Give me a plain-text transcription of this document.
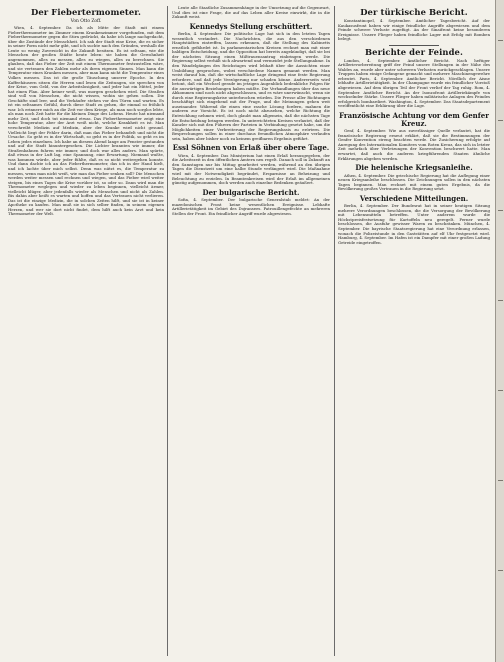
Der Fiebertermometer.
Von Otto Zoff.

Wien, 4. September. Da ich als Mitte der Stadt mit einem Fieberthermometer im Zimmer einem Krankenzimmer vorgefunden, mit dem Fieberthermometer gegen die Stirn gedrückt, da habe ich lange nachgedacht, über die Zustände der Menschheit. Ich sah der Stadt eine Krise, die es sicher in seiner Form nicht mehr gibt, und ich suchte nach den Gründen, weshalb die Leute so wenig Zuversicht in die Zukunft besitzen. Es ist seltsam, wie die Menschen der großen Städte heute leben: sie haben die Gewohnheit angenommen, alles zu messen, alles zu wiegen, alles zu berechnen. Sie glauben, daß das Fieber der Zeit mit einem Thermometer festzustellen wäre, und sie vertrauen den Zahlen mehr als ihren eigenen Sinnen. Man kann die Temperatur eines Kranken messen, aber man kann nicht die Temperatur eines Volkes messen. Das ist die große Täuschung unserer Epoche. In den Kaffeehäusern sitzen die Herren und lesen die Zeitungen, sie sprechen von der Krise, vom Geld, von der Arbeitslosigkeit, und jeder hat ein Mittel, jeder hat einen Plan. Aber keiner weiß, was morgen geschehen wird. Die Straßen sind voll von Menschen, die nicht wissen, wohin sie gehen sollen. Die Geschäfte sind leer, und die Verkäufer stehen vor den Türen und warten. Es ist ein seltsames Gefühl, durch diese Stadt zu gehen, die einmal so fröhlich war. Ich erinnere mich an die Zeit vor dem Kriege, als man noch sorglos lebte, als man noch Zeit hatte für die kleinen Dinge des Lebens. Heute hat niemand mehr Zeit, und doch tut niemand etwas. Das Fieberthermometer zeigt eine hohe Temperatur, aber der Arzt weiß nicht, welche Krankheit es ist. Man verschreibt Medizin auf Medizin, aber der Kranke wird nicht gesund. Vielleicht liegt der Fehler darin, daß man das Fieber behandelt und nicht die Ursache. So geht es in der Wirtschaft, so geht es in der Politik, so geht es im Leben jedes einzelnen. Ich habe an diesem Abend lange am Fenster gestanden und auf die Stadt hinuntergesehen. Die Lichter brannten wie immer, die Straßenbahnen fuhren wie immer, und doch war alles anders. Man spürte, daß etwas in der Luft lag, eine Spannung, eine Erwartung. Niemand wußte, was kommen würde, aber jeder fühlte, daß es so nicht weitergehen konnte. Und dann dachte ich an das Fieberthermometer, das ich in der Hand hielt, und ich lachte über mich selbst. Denn was nützt es, die Temperatur zu messen, wenn man nicht weiß, wie man das Fieber senken soll? Die Menschen werden weiter messen und rechnen und wiegen, und das Fieber wird weiter steigen, bis eines Tages die Krise vorüber ist, so oder so. Dann wird man die Thermometer weglegen und wieder zu leben beginnen, vielleicht ärmer, vielleicht klüger, aber jedenfalls wieder als Menschen und nicht als Zahlen. Bis dahin aber heißt es warten und hoffen und das Vertrauen nicht verlieren. Das ist die einzige Medizin, die in solchen Zeiten hilft, und sie ist in keiner Apotheke zu kaufen. Man muß sie in sich selber finden, in seinem eigenen Herzen, und wer sie dort nicht findet, dem hilft auch kein Arzt und kein Thermometer der Welt.

Leute alle Staatliche Zusammenhänge in der Umsetzung auf die Gegenwart, Und dies ist eine Frage, die auf das Leben aller Kreise einwirkt, die in die Zukunft weist.

Kennedys Stellung erschüttert.

Berlin, 4. September. Die politische Lage hat sich in den letzten Tagen wesentlich verändert. Die Nachrichten, die aus den verschiedenen Hauptstädten eintreffen, lassen erkennen, daß die Stellung des Kabinetts ernstlich gefährdet ist. In parlamentarischen Kreisen rechnet man mit einer baldigen Entscheidung, und die Opposition hat bereits angekündigt, daß sie bei der nächsten Sitzung einen Mißtrauensantrag einbringen werde. Die Regierung selbst verhält sich abwartend und vermeidet jede Stellungnahme. In den Wandelgängen des Reichstages wird lebhaft über die Aussichten einer Umbildung gesprochen, wobei verschiedene Namen genannt werden. Man weist darauf hin, daß die wirtschaftliche Lage dringend eine feste Regierung erfordere, und daß jede Verzögerung nur schaden könne. Andererseits wird betont, daß ein Wechsel gerade im jetzigen Augenblick bedenkliche Folgen für die auswärtigen Beziehungen haben müßte. Die Verhandlungen über das neue Abkommen sind noch nicht abgeschlossen, und es wäre unerwünscht, wenn sie durch eine Regierungskrise unterbrochen würden. Die Presse aller Richtungen beschäftigt sich eingehend mit der Frage, und die Meinungen gehen weit auseinander. Während die einen eine rasche Lösung fordern, mahnen die anderen zur Vorsicht. Es ist noch nicht abzusehen, welche Richtung die Entwicklung nehmen wird, doch glaubt man allgemein, daß die nächsten Tage die Entscheidung bringen werden. In unterrichteten Kreisen verlautet, daß der Kanzler sich mit den Führern der Parteien in Verbindung gesetzt habe, um die Möglichkeiten einer Verbreiterung der Regierungsbasis zu erörtern. Die Besprechungen sollen in einer durchaus freundlichen Atmosphäre verlaufen sein, haben aber bisher noch zu keinem greifbaren Ergebnis geführt.

Essl Söhnen von Erlaß über obere Tage.

Wien, 4. September. Das Ministerium hat einen Erlaß herausgegeben, der die Arbeitszeit in den öffentlichen Ämtern neu regelt. Danach soll in Zukunft an den Samstagen nur bis Mittag gearbeitet werden, während an den übrigen Tagen die Dienstzeit um eine halbe Stunde verlängert wird. Die Maßnahme wird mit der Notwendigkeit begründet, Ersparnisse an Beheizung und Beleuchtung zu erzielen. In Beamtenkreisen wird der Erlaß im allgemeinen günstig aufgenommen, doch werden auch einzelne Bedenken geäußert.

Der bulgarische Bericht.

Sofia, 4. September. Der bulgarische Generalstab meldet: An der mazedonischen Front keine wesentlichen Ereignisse. Lebhafte Artillerietätigkeit im Gebiet des Dojransees. Patrouillengefechte an mehreren Stellen der Front. Ein feindlicher Angriff wurde abgewiesen.

Der türkische Bericht.

Konstantinopel, 4. September. Amtlicher Tagesbericht. Auf der Kaukasusfront haben wir einige feindliche Angriffe abgewiesen und dem Feinde schwere Verluste zugefügt. An der Sinaifront keine besonderen Ereignisse. Unsere Flieger haben feindliche Lager mit Erfolg mit Bomben belegt.

Berichte der Feinde.

London, 4. September. Amtlicher Bericht. Nach heftiger Artillerievorbereitung griff der Feind unsere Stellungen in der Nähe des Waldes an, wurde aber unter schweren Verlusten zurückgeschlagen. Unsere Truppen haben einige Gefangene gemacht und mehrere Maschinengewehre erbeutet. Paris, 4. September. Amtlicher Bericht. Nördlich der Aisne lebhafte Artillerietätigkeit. In der Champagne wurde ein feindlicher Vorstoß abgewiesen. Auf dem übrigen Teil der Front verlief der Tag ruhig. Rom, 4. September. Amtlicher Bericht. An der Isonzofront Artilleriekämpfe von wechselnder Stärke. Unsere Flieger haben militärische Anlagen des Feindes erfolgreich bombardiert. Washington, 4. September. Das Staatsdepartement veröffentlicht eine Erklärung über die Lage.

Französische Achtung vor dem Genfer Kreuz.

Genf, 4. September. Wie aus zuverlässiger Quelle verlautet, hat die französische Regierung erneut erklärt, daß sie die Bestimmungen der Genfer Konvention streng beachten werde. Die Zusicherung erfolgte auf Anregung des Internationalen Komitees vom Roten Kreuz, das sich in letzter Zeit mehrfach über Verletzungen der Konvention beschwert hatte. Man erwartet, daß auch die anderen kriegführenden Staaten ähnliche Erklärungen abgeben werden.

Die helenische Kriegsanleihe.

Athen, 4. September. Die griechische Regierung hat die Auflegung einer neuen Kriegsanleihe beschlossen. Die Zeichnungen sollen in den nächsten Tagen beginnen. Man rechnet mit einem guten Ergebnis, da die Bevölkerung großes Vertrauen in die Regierung setzt.

Verschiedene Mitteilungen.

Berlin, 4. September. Der Bundesrat hat in seiner heutigen Sitzung mehrere Verordnungen beschlossen, die die Versorgung der Bevölkerung mit Lebensmitteln betreffen. Unter anderem wurde die Höchstpreisfestsetzung für Kartoffeln neu geregelt. Ferner wurde beschlossen, die Ausfuhr gewisser Waren zu beschränken. München, 4. September. Die bayrische Staatsregierung hat eine Verordnung erlassen, wonach die Polizeistunde in den Gaststätten auf elf Uhr festgesetzt wird. Hamburg, 4. September. Im Hafen ist ein Dampfer mit einer großen Ladung Getreide eingetroffen.
